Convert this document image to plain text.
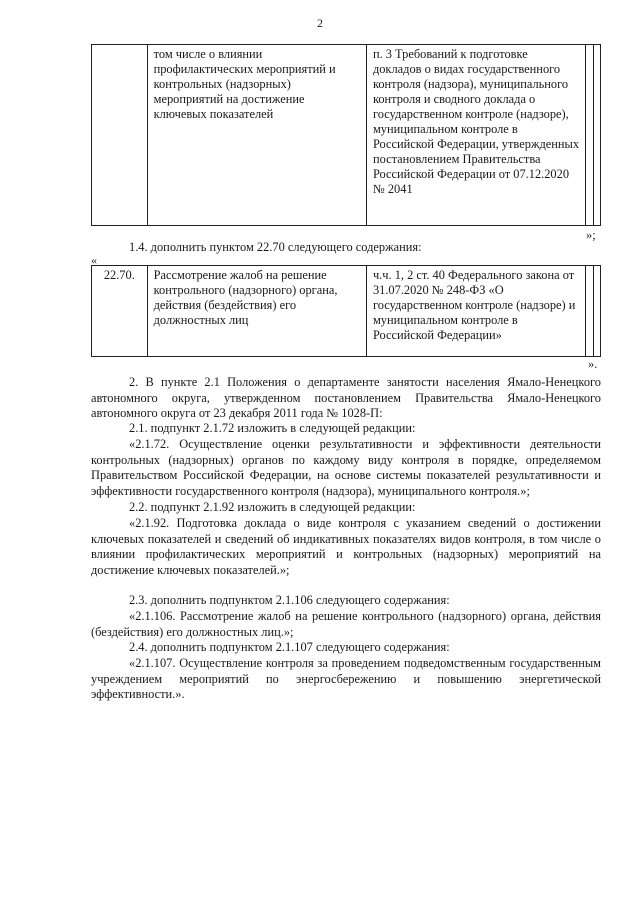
2
	том числе о влиянии профилактических мероприятий и контрольных (надзорных) мероприятий на достижение ключевых показателей	п. 3 Требований к подготовке докладов о видах государственного контроля (надзора), муниципального контроля и сводного доклада о государственном контроле (надзоре), муниципальном контроле в Российской Федерации, утвержденных постановлением Правительства Российской Федерации от 07.12.2020 № 2041		
»;
1.4. дополнить пунктом 22.70 следующего содержания:
«
22.70.	Рассмотрение жалоб на решение контрольного (надзорного) органа, действия (бездействия) его должностных лиц	ч.ч. 1, 2 ст. 40 Федерального закона от 31.07.2020 № 248-ФЗ «О государственном контроле (надзоре) и муниципальном контроле в Российской Федерации»		
».
2. В пункте 2.1 Положения о департаменте занятости населения Ямало-Ненецкого автономного округа, утвержденном постановлением Правительства Ямало-Ненецкого автономного округа от 23 декабря 2011 года № 1028-П:
2.1. подпункт 2.1.72 изложить в следующей редакции:
«2.1.72. Осуществление оценки результативности и эффективности деятельности контрольных (надзорных) органов по каждому виду контроля в порядке, определяемом Правительством Российской Федерации, на основе системы показателей результативности и эффективности государственного контроля (надзора), муниципального контроля.»;
2.2. подпункт 2.1.92 изложить в следующей редакции:
«2.1.92. Подготовка доклада о виде контроля с указанием сведений о достижении ключевых показателей и сведений об индикативных показателях видов контроля, в том числе о влиянии профилактических мероприятий и контрольных (надзорных) мероприятий на достижение ключевых показателей.»;
2.3. дополнить подпунктом 2.1.106 следующего содержания:
«2.1.106. Рассмотрение жалоб на решение контрольного (надзорного) органа, действия (бездействия) его должностных лиц.»;
2.4. дополнить подпунктом 2.1.107 следующего содержания:
«2.1.107. Осуществление контроля за проведением подведомственным государственным учреждением мероприятий по энергосбережению и повышению энергетической эффективности.».
